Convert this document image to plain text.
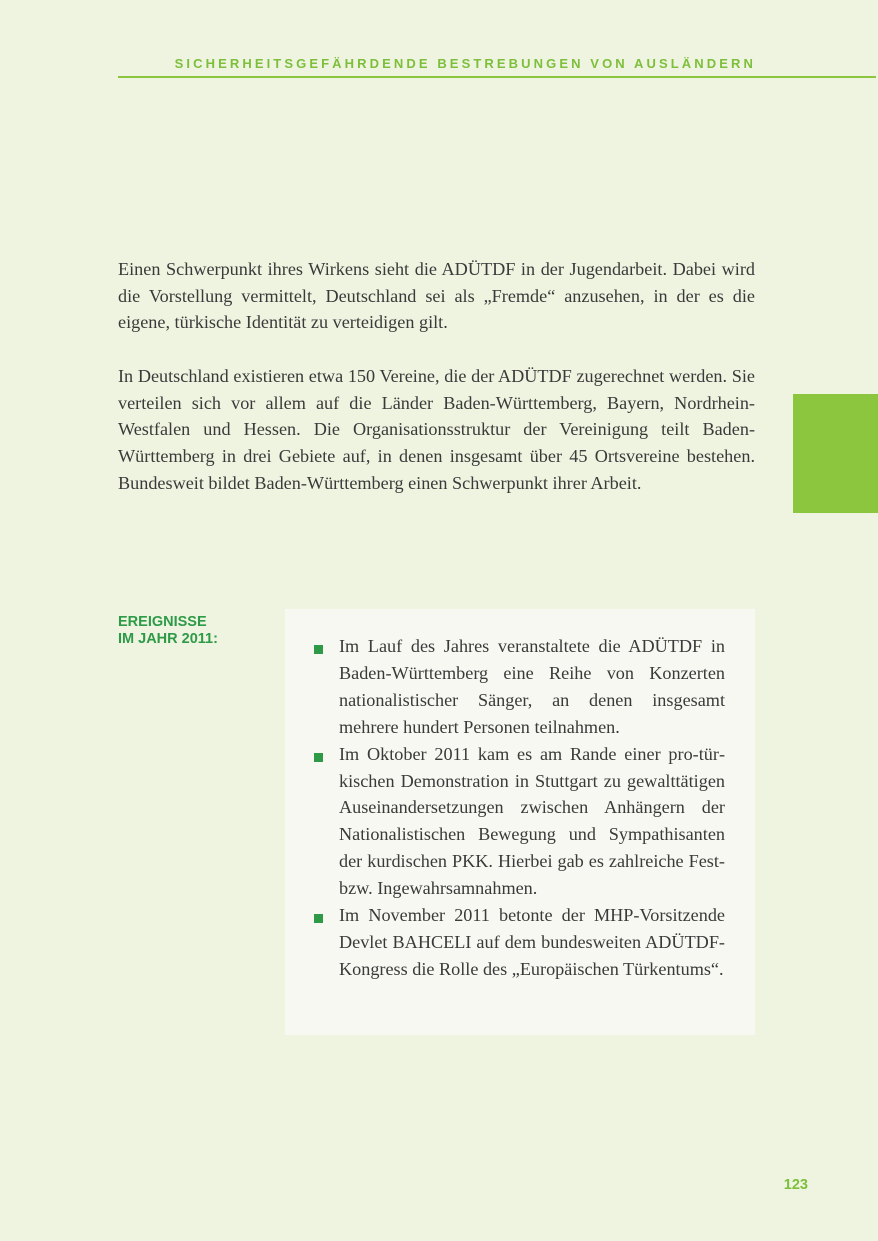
SICHERHEITSGEFÄHRDENDE BESTREBUNGEN VON AUSLÄNDERN

Einen Schwerpunkt ihres Wirkens sieht die ADÜTDF in der Jugendarbeit. Dabei wird die Vorstellung vermittelt, Deutschland sei als „Fremde“ anzusehen, in der es die eigene, türkische Identität zu verteidigen gilt.

In Deutschland existieren etwa 150 Vereine, die der ADÜTDF zugerechnet werden. Sie verteilen sich vor allem auf die Länder Baden-Württemberg, Bayern, Nordrhein-Westfalen und Hessen. Die Organisationsstruktur der Vereinigung teilt Baden-Württemberg in drei Gebiete auf, in denen insgesamt über 45 Ortsvereine bestehen. Bundesweit bildet Baden-Württemberg einen Schwerpunkt ihrer Arbeit.

EREIGNISSE
IM JAHR 2011:	Im Lauf des Jahres veranstaltete die ADÜTDF in Baden-Württemberg eine Reihe von Konzerten nationalistischer Sänger, an denen insgesamt mehrere hundert Personen teilnahmen.
Im Oktober 2011 kam es am Rande einer pro-türkischen Demonstration in Stuttgart zu gewalttätigen Auseinandersetzungen zwischen Anhängern der Nationalistischen Bewegung und Sympathisanten der kurdischen PKK. Hierbei gab es zahlreiche Fest- bzw. Ingewahrsamnahmen.
Im November 2011 betonte der MHP-Vorsitzende Devlet BAHCELI auf dem bundesweiten ADÜTDF-Kongress die Rolle des „Europäischen Türkentums“.
123
